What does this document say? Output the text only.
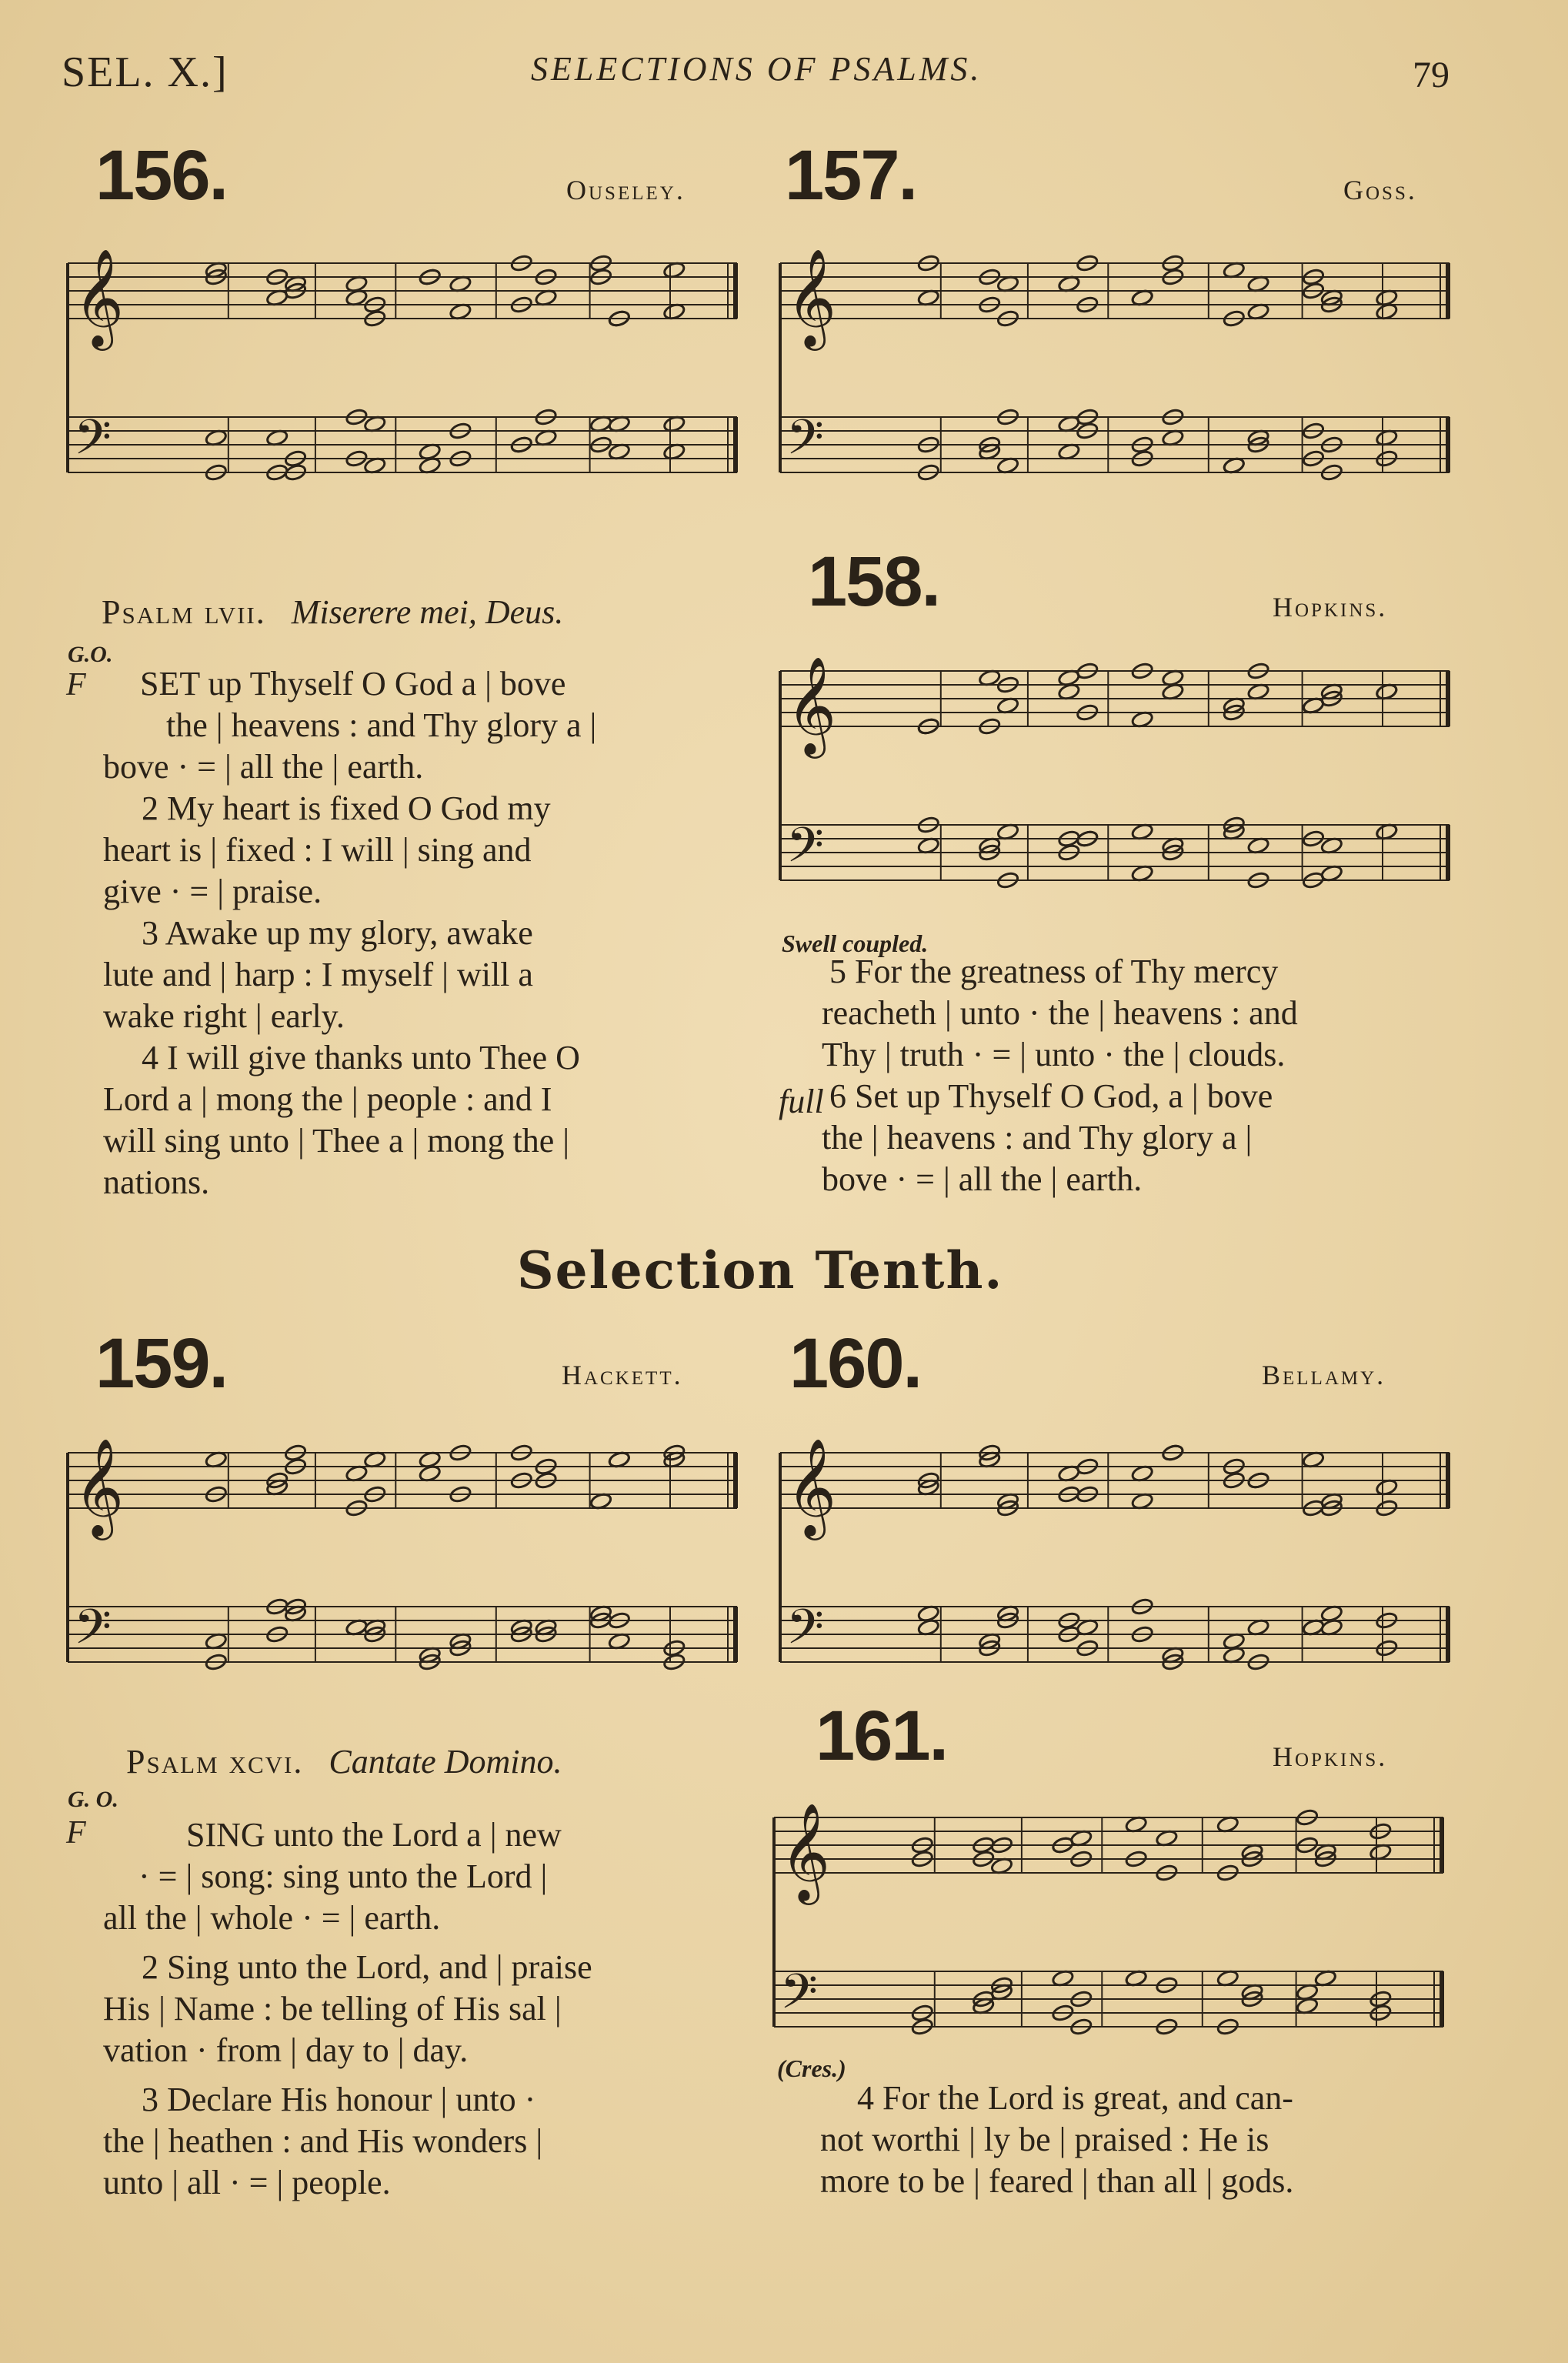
SEL. X.]	SELECTIONS OF PSALMS.	79
156.	Ouseley. 157.	Goss.
158.	Hopkins.
159.	Hackett. 160.	Bellamy.
161.	Hopkins.
𝄞
𝄢
𝄞
𝄢
𝄞
𝄢
𝄞
𝄢
𝄞
𝄢
𝄞
𝄢
Psalm lvii. Miserere mei, Deus.
G.O.
F	SET up Thyself O God a | bove

the | heavens : and Thy glory a |

bove · = | all the | earth.

2 My heart is fixed O God my

heart is | fixed : I will | sing and

give · = | praise.

3 Awake up my glory, awake

lute and | harp : I myself | will a

wake right | early.

4 I will give thanks unto Thee O

Lord a | mong the | people : and I

will sing unto | Thee a | mong the |

nations.

Swell coupled.
full

5 For the greatness of Thy mercy

reacheth | unto · the | heavens : and

Thy | truth · = | unto · the | clouds.

6 Set up Thyself O God, a | bove

the | heavens : and Thy glory a |

bove · = | all the | earth.

Selection Tenth.
Psalm xcvi. Cantate Domino.
G. O.
F	SING unto the Lord a | new

· = | song: sing unto the Lord |

all the | whole · = | earth.

2 Sing unto the Lord, and | praise

His | Name : be telling of His sal |

vation · from | day to | day.

3 Declare His honour | unto ·

the | heathen : and His wonders |

unto | all · = | people.

(Cres.)

4 For the Lord is great, and can-

not worthi | ly be | praised : He is

more to be | feared | than all | gods.
